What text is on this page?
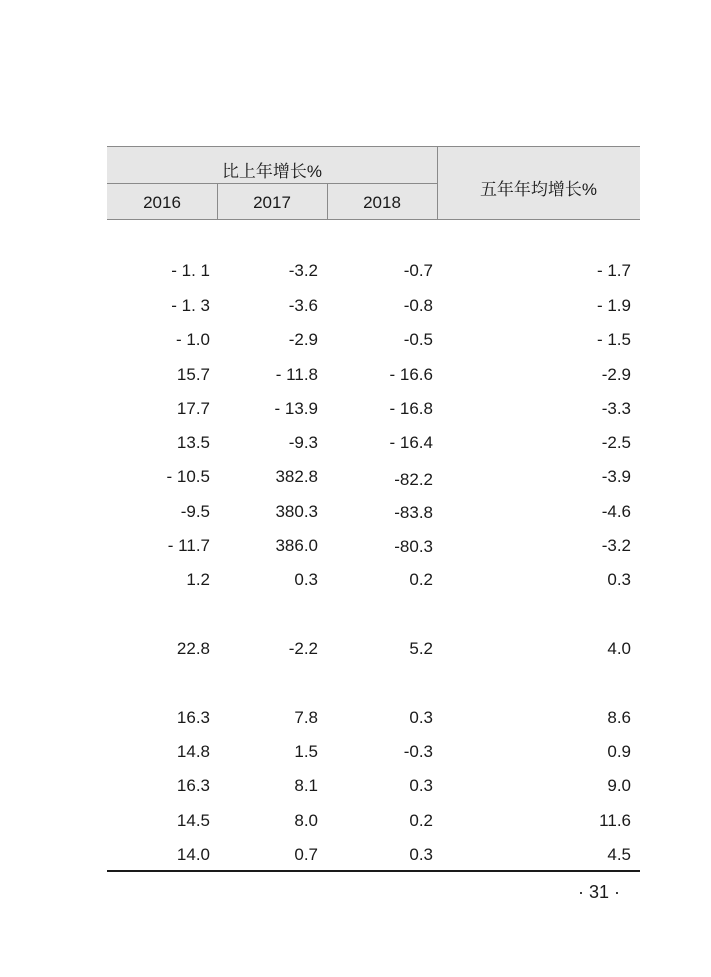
比上年增长%
2016	2017	2018
五年年均增长%
- 1. 1	-3.2	-0.7	- 1.7
- 1. 3	-3.6	-0.8	- 1.9
- 1.0	-2.9	-0.5	- 1.5
15.7	- 11.8	- 16.6	-2.9
17.7	- 13.9	- 16.8	-3.3
13.5	-9.3	- 16.4	-2.5
- 10.5	382.8	-82.2	-3.9
-9.5	380.3	-83.8	-4.6
- 11.7	386.0	-80.3	-3.2
1.2	0.3	0.2	0.3
22.8	-2.2	5.2	4.0
16.3	7.8	0.3	8.6
14.8	1.5	-0.3	0.9
16.3	8.1	0.3	9.0
14.5	8.0	0.2	11.6
14.0	0.7	0.3	4.5
· 31 ·
